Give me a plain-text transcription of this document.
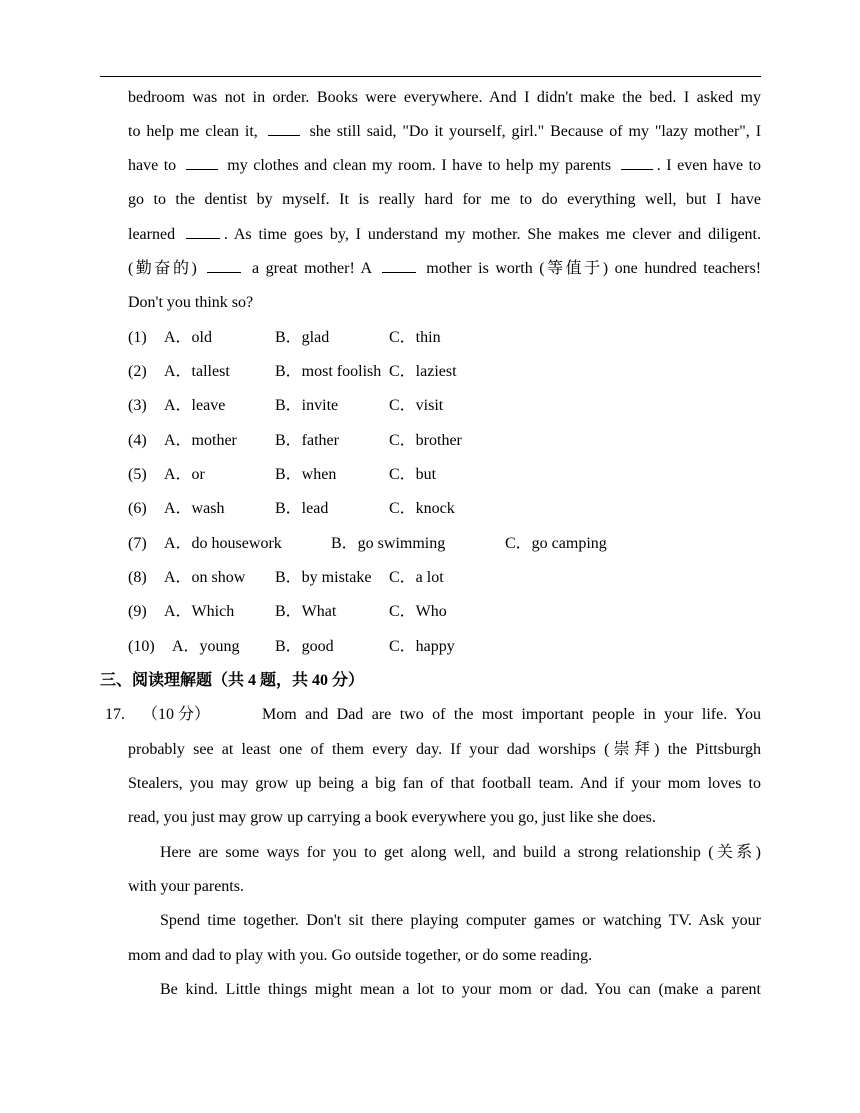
bedroom was not in order. Books were everywhere. And I didn't make the bed. I asked my
to help me clean it,	she still said, "Do it yourself, girl." Because of my "lazy mother", I
have to	my clothes and clean my room. I have to help my parents	. I even have to
go to the dentist by myself. It is really hard for me to do everything well, but I have
learned	. As time goes by, I understand my mother. She makes me clever and diligent.
(勤奋的)	a great mother! A	mother is worth (等值于) one hundred teachers!
Don't you think so?
(1) A．old	B．glad	C．thin
(2) A．tallest	B．most foolish C．laziest
(3) A．leave	B．invite	C．visit
(4) A．mother B．father	C．brother
(5) A．or	B．when	C．but
(6) A．wash	B．lead	C．knock
(7) A．do housework	B．go swimming	C．go camping
(8) A．on show B．by mistake C．a lot
(9) A．Which	B．What	C．Who
(10) A．young B．good	C．happy
三、阅读理解题（共 4 题，共 40 分）
17. （10 分）	Mom and Dad are two of the most important people in your life. You
probably see at least one of them every day. If your dad worships (崇拜) the Pittsburgh
Stealers, you may grow up being a big fan of that football team. And if your mom loves to
read, you just may grow up carrying a book everywhere you go, just like she does.
Here are some ways for you to get along well, and build a strong relationship (关系)
with your parents.
Spend time together. Don't sit there playing computer games or watching TV. Ask your
mom and dad to play with you. Go outside together, or do some reading.
Be kind. Little things might mean a lot to your mom or dad. You can (make a parent
